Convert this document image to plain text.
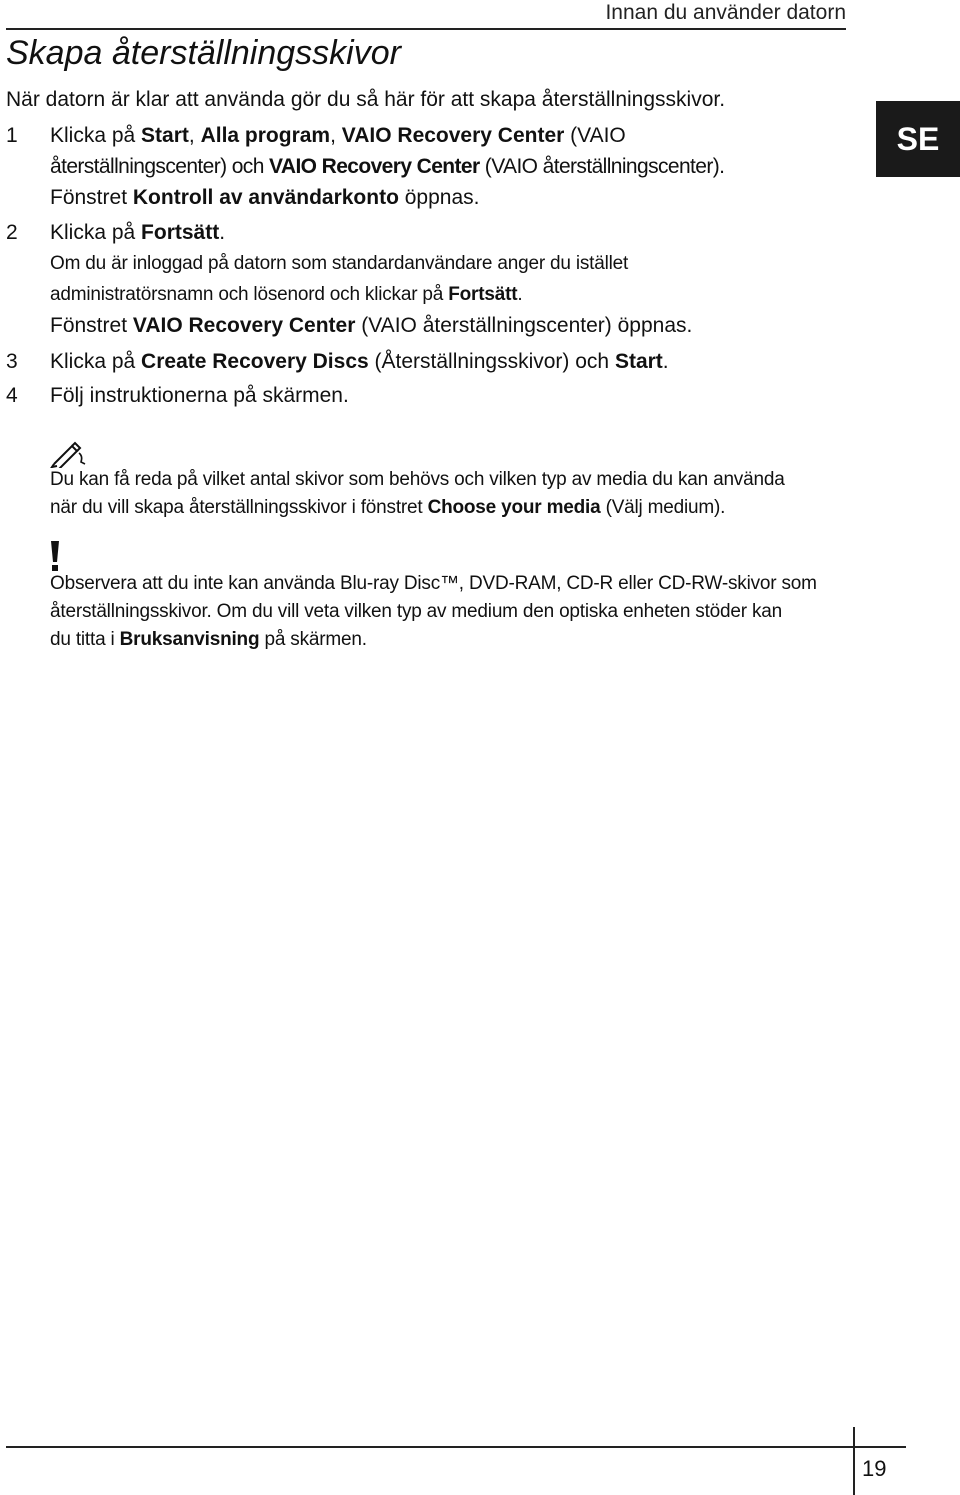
Innan du använder datorn
Skapa återställningsskivor
När datorn är klar att använda gör du så här för att skapa återställningsskivor.
SE
1 Klicka på Start, Alla program, VAIO Recovery Center (VAIO

återställningscenter) och VAIO Recovery Center (VAIO återställningscenter).

Fönstret Kontroll av användarkonto öppnas.

2 Klicka på Fortsätt.

Om du är inloggad på datorn som standardanvändare anger du istället

administratörsnamn och lösenord och klickar på Fortsätt.

Fönstret VAIO Recovery Center (VAIO återställningscenter) öppnas.

3 Klicka på Create Recovery Discs (Återställningsskivor) och Start.

4 Följ instruktionerna på skärmen.

Du kan få reda på vilket antal skivor som behövs och vilken typ av media du kan använda

när du vill skapa återställningsskivor i fönstret Choose your media (Välj medium).

Observera att du inte kan använda Blu-ray Disc™, DVD-RAM, CD-R eller CD-RW-skivor som

återställningsskivor. Om du vill veta vilken typ av medium den optiska enheten stöder kan

du titta i Bruksanvisning på skärmen.

19
